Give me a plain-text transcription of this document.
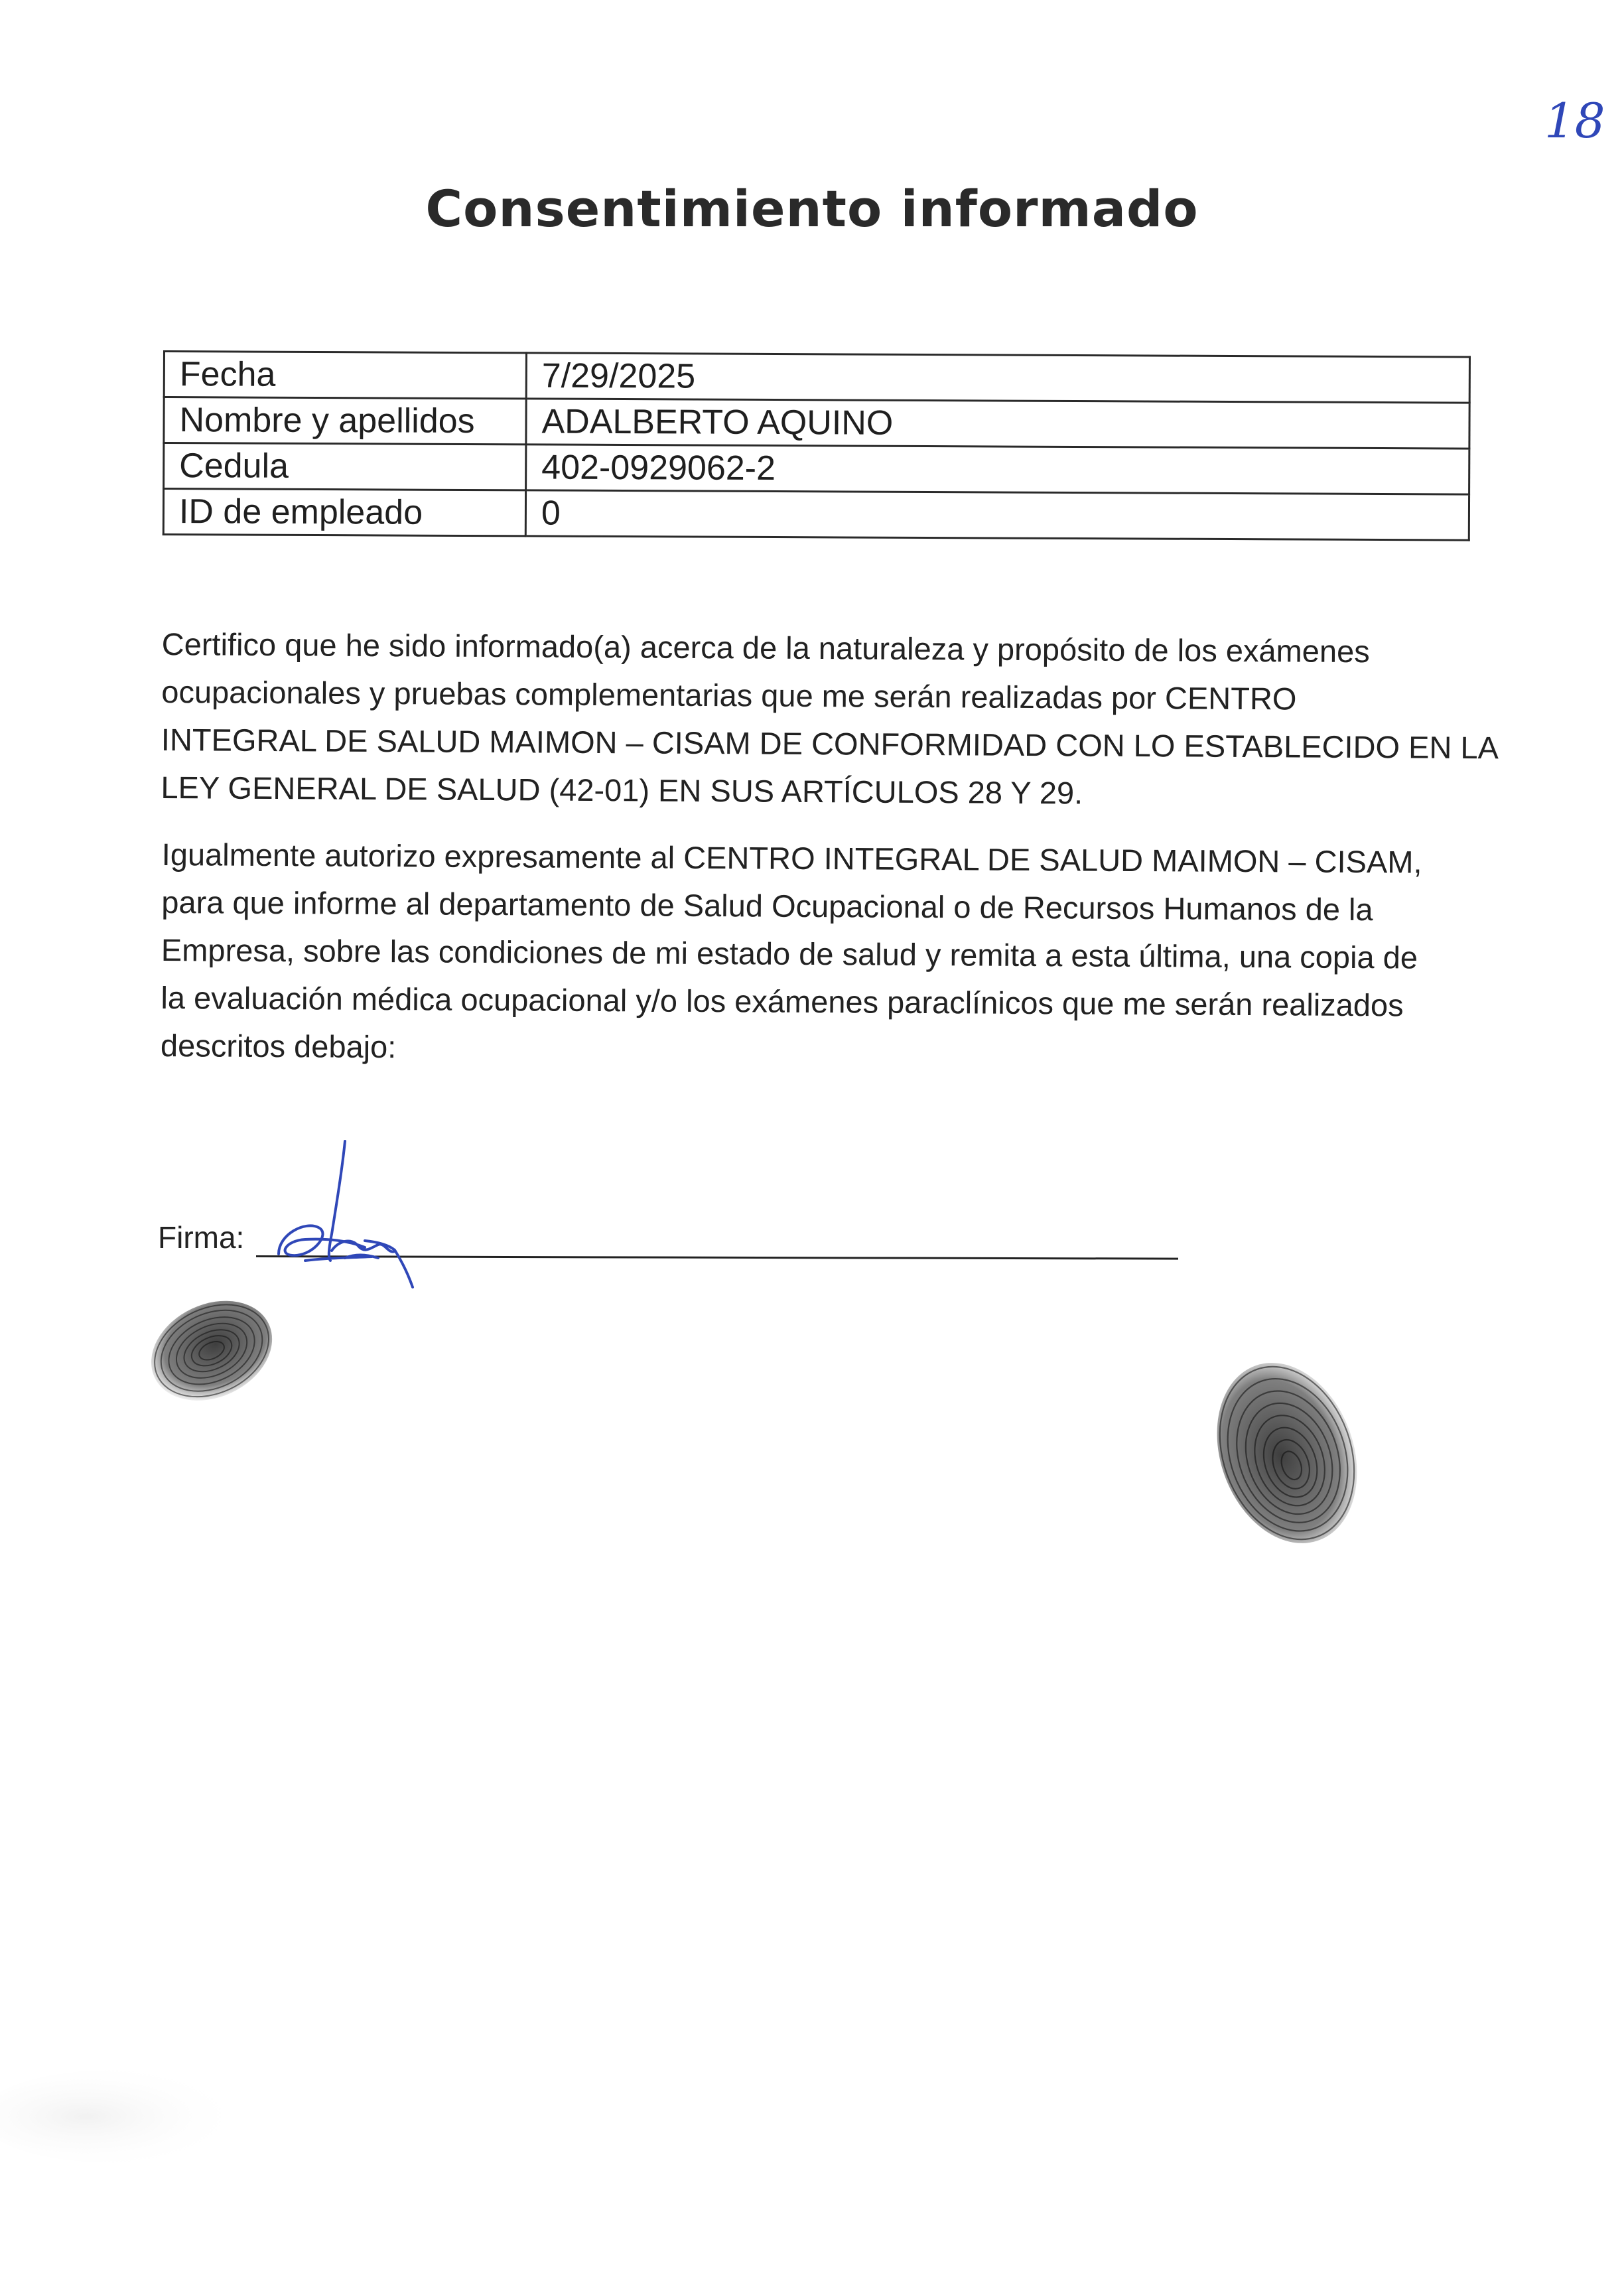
18
Consentimiento informado
Fecha	7/29/2025
Nombre y apellidos	ADALBERTO AQUINO
Cedula	402-0929062-2
ID de empleado	0
Certifico que he sido informado(a) acerca de la naturaleza y propósito de los exámenes
ocupacionales y pruebas complementarias que me serán realizadas por CENTRO
INTEGRAL DE SALUD MAIMON – CISAM DE CONFORMIDAD CON LO ESTABLECIDO EN LA
LEY GENERAL DE SALUD (42-01) EN SUS ARTÍCULOS 28 Y 29.
Igualmente autorizo expresamente al CENTRO INTEGRAL DE SALUD MAIMON – CISAM,
para que informe al departamento de Salud Ocupacional o de Recursos Humanos de la
Empresa, sobre las condiciones de mi estado de salud y remita a esta última, una copia de
la evaluación médica ocupacional y/o los exámenes paraclínicos que me serán realizados
descritos debajo:
Firma:
